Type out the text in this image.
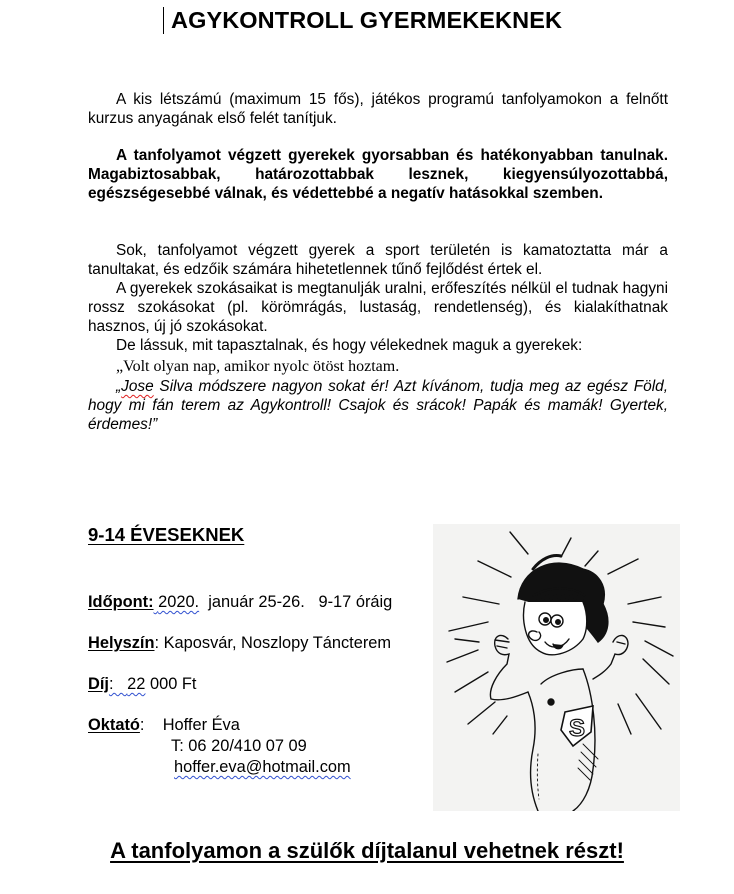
AGYKONTROLL GYERMEKEKNEK

A kis létszámú (maximum 15 fős), játékos programú tanfolyamokon a felnőtt kurzus anyagának első felét tanítjuk.

A tanfolyamot végzett gyerekek gyorsabban és hatékonyabban tanulnak. Magabiztosabbak, határozottabbak lesznek, kiegyensúlyozottabbá, egészségesebbé válnak, és védettebbé a negatív hatásokkal szemben.

Sok, tanfolyamot végzett gyerek a sport területén is kamatoztatta már a tanultakat, és edzőik számára hihetetlennek tűnő fejlődést értek el.

A gyerekek szokásaikat is megtanulják uralni, erőfeszítés nélkül el tudnak hagyni rossz szokásokat (pl. körömrágás, lustaság, rendetlenség), és kialakíthatnak hasznos, új jó szokásokat.

De lássuk, mit tapasztalnak, és hogy vélekednek maguk a gyerekek:

„Volt olyan nap, amikor nyolc ötöst hoztam.

„Jose Silva módszere nagyon sokat ér! Azt kívánom, tudja meg az egész Föld, hogy mi fán terem az Agykontroll! Csajok és srácok! Papák és mamák! Gyertek, érdemes!”

9-14 ÉVESEKNEK
Időpont: 2020.  január 25-26.   9-17 óráig
Helyszín: Kaposvár, Noszlopy Táncterem
Díj:   22 000 Ft
Oktató:    Hoffer Éva
T: 06 20/410 07 09
hoffer.eva@hotmail.com
S
A tanfolyamon a szülők díjtalanul vehetnek részt!
